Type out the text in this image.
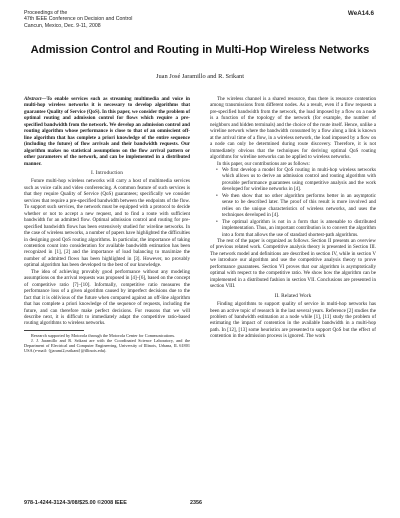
Proceedings of the
47th IEEE Conference on Decision and Control
Cancun, Mexico, Dec. 9-11, 2008
WeA14.6
Admission Control and Routing in Multi-Hop Wireless Networks
Juan José Jaramillo and R. Srikant

Abstract—To enable services such as streaming multimedia and voice in multi-hop wireless networks it is necessary to develop algorithms that guarantee Quality of Service (QoS). In this paper, we consider the problem of optimal routing and admission control for flows which require a pre-specified bandwidth from the network. We develop an admission control and routing algorithm whose performance is close to that of an omniscient off-line algorithm that has complete a priori knowledge of the entire sequence (including the future) of flow arrivals and their bandwidth requests. Our algorithm makes no statistical assumptions on the flow arrival pattern or other parameters of the network, and can be implemented in a distributed manner.

I. Introduction

Future multi-hop wireless networks will carry a host of multimedia services such as voice calls and video conferencing. A common feature of such services is that they require Quality of Service (QoS) guarantees; specifically we consider services that require a pre-specified bandwidth between the endpoints of the flow. To support such services, the network must be equipped with a protocol to decide whether or not to accept a new request, and to find a route with sufficient bandwidth for an admitted flow. Optimal admission control and routing for pre-specified bandwidth flows has been extensively studied for wireline networks. In the case of wireless networks, a number of papers have highlighted the difficulties in designing good QoS routing algorithms. In particular, the importance of taking contention count into consideration for available bandwidth estimation has been recognized in [1], [2] and the importance of load balancing to maximize the number of admitted flows has been highlighted in [3]. However, no provably optimal algorithm has been developed to the best of our knowledge.

The idea of achieving provably good performance without any modeling assumptions on the arrival requests was proposed in [4]–[6], based on the concept of competitive ratio [7]–[10]. Informally, competitive ratio measures the performance loss of a given algorithm caused by imperfect decisions due to the fact that it is oblivious of the future when compared against an off-line algorithm that has complete a priori knowledge of the sequence of requests, including the future, and can therefore make perfect decisions. For reasons that we will describe next, it is difficult to immediately adapt the competitive ratio-based routing algorithms to wireless networks.

Research supported by Motorola through the Motorola Center for Communications.

J. J. Jaramillo and R. Srikant are with the Coordinated Science Laboratory, and the Department of Electrical and Computer Engineering, University of Illinois, Urbana, IL 61801 USA (e-mail: {jjarami2,rsrikant}@illinois.edu).

The wireless channel is a shared resource, thus there is resource contention among transmissions from different nodes. As a result, even if a flow requests a pre-specified bandwidth from the network, the load imposed by a flow on a node is a function of the topology of the network (for example, the number of neighbors and hidden terminals) and the choice of the route itself. Hence, unlike a wireline network where the bandwidth consumed by a flow along a link is known at the arrival time of a flow, in a wireless network, the load imposed by a flow on a node can only be determined during route discovery. Therefore, it is not immediately obvious that the techniques for deriving optimal QoS routing algorithms for wireline networks can be applied to wireless networks.

In this paper, our contributions are as follows:

• We first develop a model for QoS routing in multi-hop wireless networks which allows us to derive an admission control and routing algorithm with provable performance guarantees using competitive analysis and the work developed for wireline networks in [4].
• We then show that no other algorithm performs better in an asymptotic sense to be described later. The proof of this result is more involved and relies on the unique characteristics of wireless networks, and uses the techniques developed in [4].
• The optimal algorithm is not in a form that is amenable to distributed implementation. Thus, an important contribution is to convert the algorithm into a form that allows the use of standard shortest-path algorithms.

The rest of the paper is organized as follows. Section II presents an overview of previous related work. Competitive analysis theory is presented in Section III. The network model and definitions are described in section IV, while in section V we introduce our algorithm and use the competitive analysis theory to prove performance guarantees. Section VI proves that our algorithm is asymptotically optimal with respect to the competitive ratio. We show how the algorithm can be implemented in a distributed fashion in section VII. Conclusions are presented in section VIII.

II. Related Work

Finding algorithms to support quality of service in multi-hop networks has been an active topic of research in the last several years. Reference [2] studies the problem of bandwidth estimation at a node while [1], [11] study the problem of estimating the impact of contention in the available bandwidth in a multi-hop path. In [12], [13] some heuristics are presented to support QoS but the effect of contention in the admission process is ignored. The work

978-1-4244-3124-3/08/$25.00 ©2008 IEEE	2356
